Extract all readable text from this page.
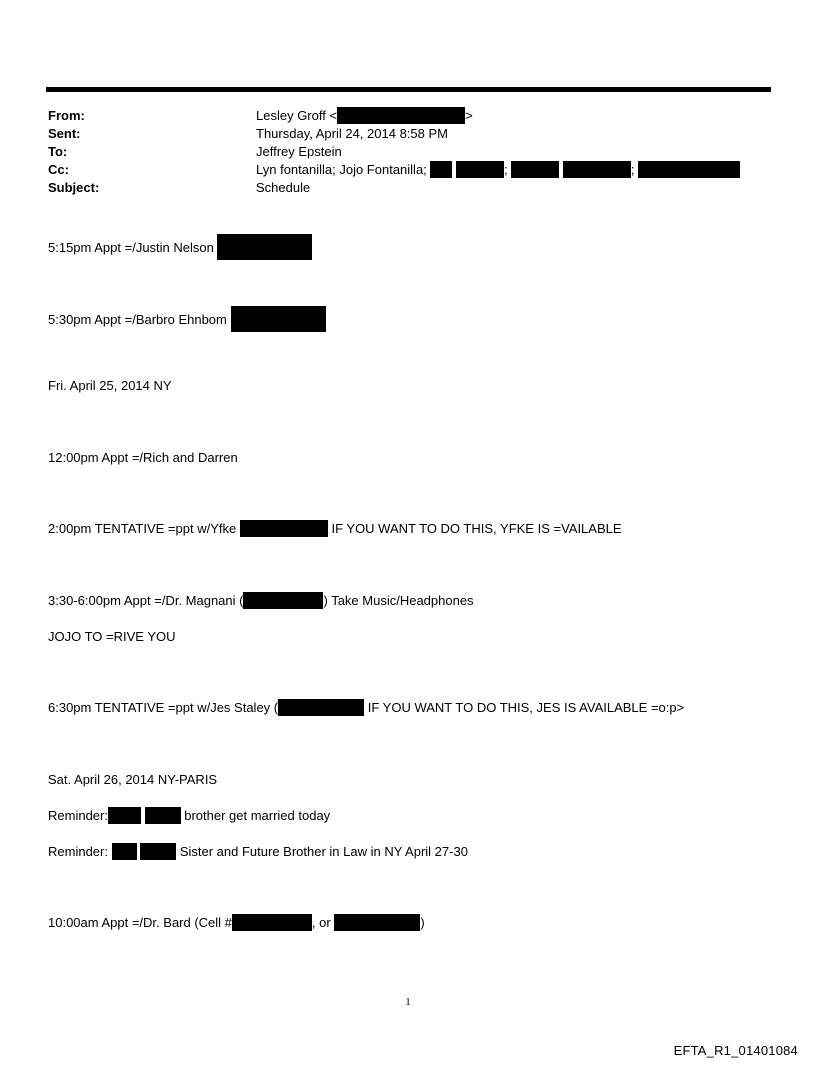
From:	Lesley Groff <	>
Sent:	Thursday, April 24, 2014 8:58 PM
To:	Jeffrey Epstein
Cc:	Lyn fontanilla; Jojo Fontanilla;	;	;
Subject:	Schedule
5:15pm Appt =/Justin Nelson
5:30pm Appt =/Barbro Ehnbom
Fri. April 25, 2014 NY
12:00pm Appt =/Rich and Darren
2:00pm TENTATIVE =ppt w/Yfke	IF YOU WANT TO DO THIS, YFKE IS =VAILABLE
3:30-6:00pm Appt =/Dr. Magnani (	) Take Music/Headphones
JOJO TO =RIVE YOU
6:30pm TENTATIVE =ppt w/Jes Staley (	IF YOU WANT TO DO THIS, JES IS AVAILABLE =o:p>
Sat. April 26, 2014 NY-PARIS
Reminder:	brother get married today
Reminder:	Sister and Future Brother in Law in NY April 27-30
10:00am Appt =/Dr. Bard (Cell #	, or	)
1
EFTA_R1_01401084
